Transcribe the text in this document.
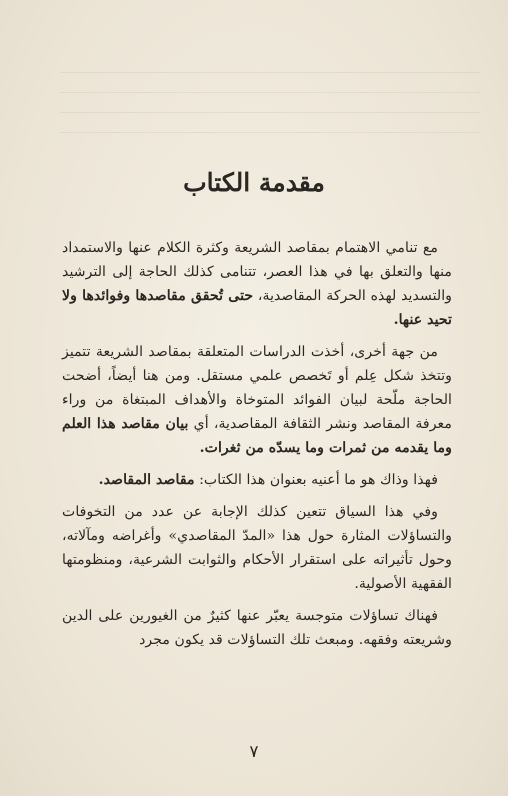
مقدمة الكتاب

مع تنامي الاهتمام بمقاصد الشريعة وكثرة الكلام عنها والاستمداد منها والتعلق بها في هذا العصر، تتنامى كذلك الحاجة إلى الترشيد والتسديد لهذه الحركة المقاصدية، حتى تُحقق مقاصدها وفوائدها ولا تحيد عنها.

من جهة أخرى، أخذت الدراسات المتعلقة بمقاصد الشريعة تتميز وتتخذ شكل عِلم أو تَخصص علمي مستقل. ومن هنا أيضاً، أضحت الحاجة ملّحة لبيان الفوائد المتوخاة والأهداف المبتغاة من وراء معرفة المقاصد ونشر الثقافة المقاصدية، أي بيان مقاصد هذا العلم وما يقدمه من ثمرات وما يسدّه من ثغرات.

فهذا وذاك هو ما أعنيه بعنوان هذا الكتاب: مقاصد المقاصد.

وفي هذا السياق تتعين كذلك الإجابة عن عدد من التخوفات والتساؤلات المثارة حول هذا «المدّ المقاصدي» وأغراضه ومآلاته، وحول تأثيراته على استقرار الأحكام والثوابت الشرعية، ومنظومتها الفقهية الأصولية.

فهناك تساؤلات متوجسة يعبّر عنها كثيرٌ من الغيورين على الدين وشريعته وفقهه. ومبعث تلك التساؤلات قد يكون مجرد

٧
